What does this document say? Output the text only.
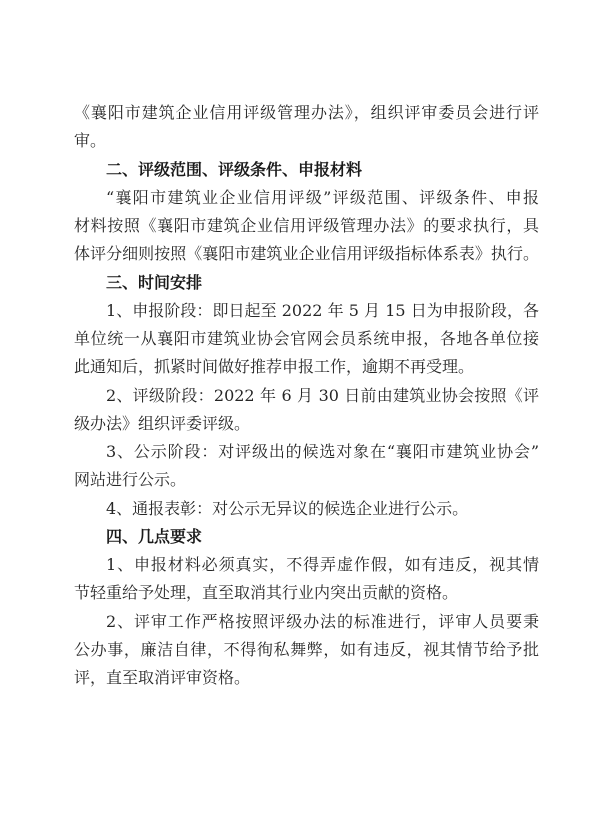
《襄阳市建筑企业信用评级管理办法》，组织评审委员会进行评
审。
二、评级范围、评级条件、申报材料
“襄阳市建筑业企业信用评级”评级范围、评级条件、申报
材料按照《襄阳市建筑企业信用评级管理办法》的要求执行，具
体评分细则按照《襄阳市建筑业企业信用评级指标体系表》执行。
三、时间安排
1、申报阶段：即日起至 2022 年 5 月 15 日为申报阶段，各
单位统一从襄阳市建筑业协会官网会员系统申报，各地各单位接
此通知后，抓紧时间做好推荐申报工作，逾期不再受理。
2、评级阶段：2022 年 6 月 30 日前由建筑业协会按照《评
级办法》组织评委评级。
3、公示阶段：对评级出的候选对象在“襄阳市建筑业协会”
网站进行公示。
4、通报表彰：对公示无异议的候选企业进行公示。
四、几点要求
1、申报材料必须真实，不得弄虚作假，如有违反，视其情
节轻重给予处理，直至取消其行业内突出贡献的资格。
2、评审工作严格按照评级办法的标准进行，评审人员要秉
公办事，廉洁自律，不得徇私舞弊，如有违反，视其情节给予批
评，直至取消评审资格。
